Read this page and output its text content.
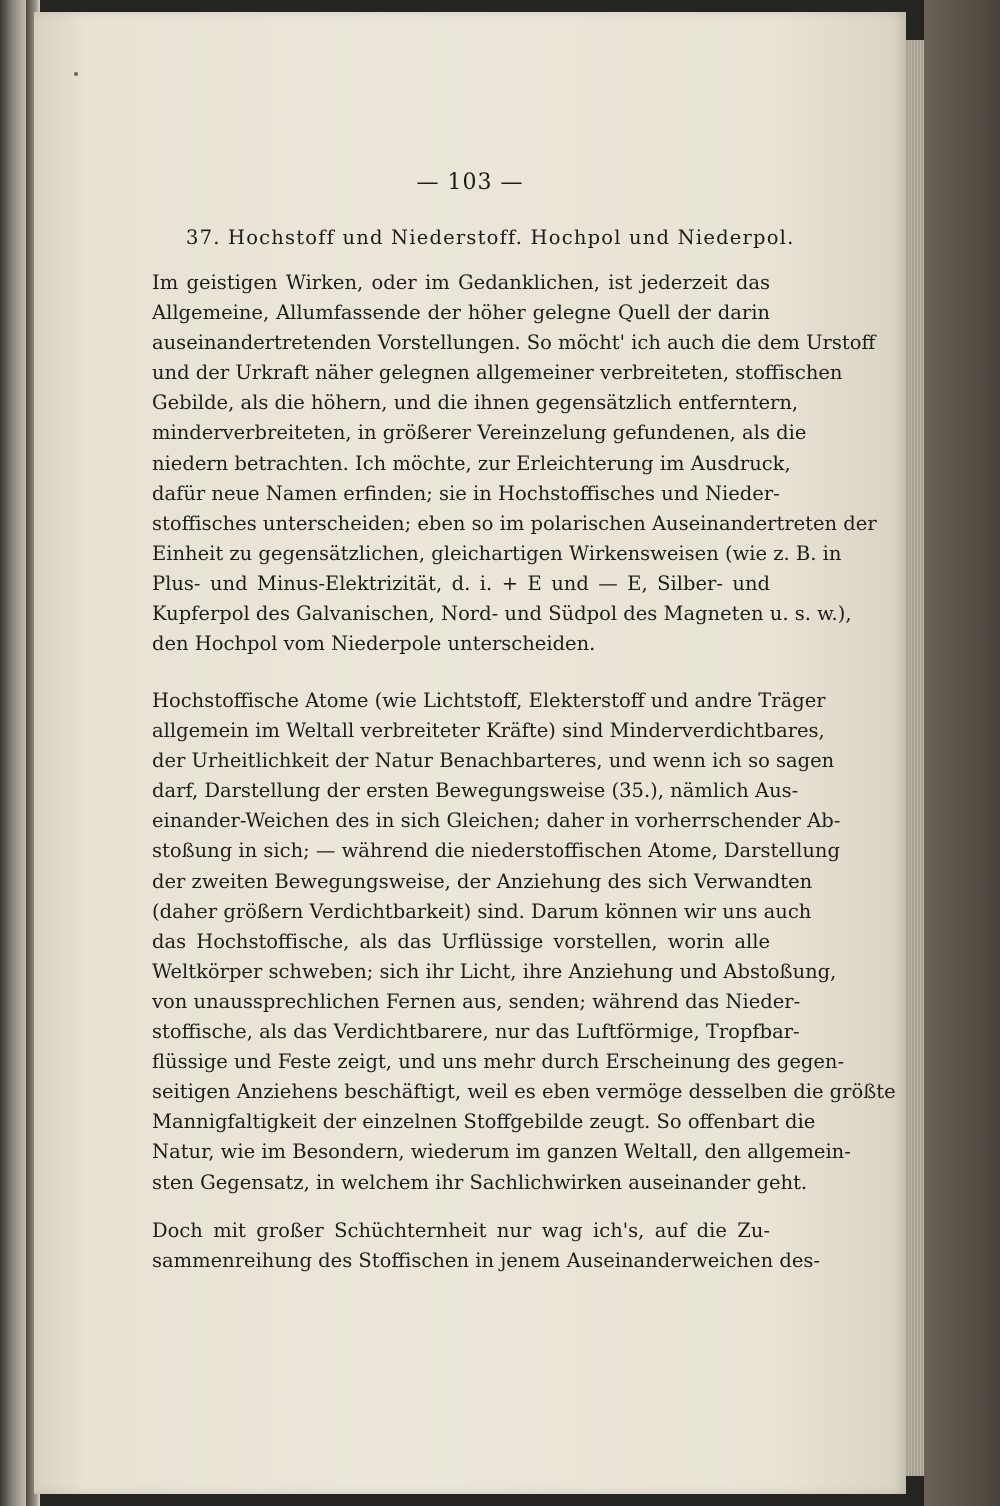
— 103 —
37. Hochstoff und Niederstoff. Hochpol und Niederpol.
Im geistigen Wirken, oder im Gedanklichen, ist jederzeit das
Allgemeine, Allumfassende der höher gelegne Quell der darin
auseinandertretenden Vorstellungen. So möcht' ich auch die dem Urstoff
und der Urkraft näher gelegnen allgemeiner verbreiteten, stoffischen
Gebilde, als die höhern, und die ihnen gegensätzlich entferntern,
minderverbreiteten, in größerer Vereinzelung gefundenen, als die
niedern betrachten. Ich möchte, zur Erleichterung im Ausdruck,
dafür neue Namen erfinden; sie in Hochstoffisches und Nieder-
stoffisches unterscheiden; eben so im polarischen Auseinandertreten der
Einheit zu gegensätzlichen, gleichartigen Wirkensweisen (wie z. B. in
Plus- und Minus-Elektrizität, d. i. + E und — E, Silber- und
Kupferpol des Galvanischen, Nord- und Südpol des Magneten u. s. w.),
den Hochpol vom Niederpole unterscheiden.
Hochstoffische Atome (wie Lichtstoff, Elekterstoff und andre Träger
allgemein im Weltall verbreiteter Kräfte) sind Minderverdichtbares,
der Urheitlichkeit der Natur Benachbarteres, und wenn ich so sagen
darf, Darstellung der ersten Bewegungsweise (35.), nämlich Aus-
einander-Weichen des in sich Gleichen; daher in vorherrschender Ab-
stoßung in sich; — während die niederstoffischen Atome, Darstellung
der zweiten Bewegungsweise, der Anziehung des sich Verwandten
(daher größern Verdichtbarkeit) sind. Darum können wir uns auch
das Hochstoffische, als das Urflüssige vorstellen, worin alle
Weltkörper schweben; sich ihr Licht, ihre Anziehung und Abstoßung,
von unaussprechlichen Fernen aus, senden; während das Nieder-
stoffische, als das Verdichtbarere, nur das Luftförmige, Tropfbar-
flüssige und Feste zeigt, und uns mehr durch Erscheinung des gegen-
seitigen Anziehens beschäftigt, weil es eben vermöge desselben die größte
Mannigfaltigkeit der einzelnen Stoffgebilde zeugt. So offenbart die
Natur, wie im Besondern, wiederum im ganzen Weltall, den allgemein-
sten Gegensatz, in welchem ihr Sachlichwirken auseinander geht.
Doch mit großer Schüchternheit nur wag ich's, auf die Zu-
sammenreihung des Stoffischen in jenem Auseinanderweichen des-
